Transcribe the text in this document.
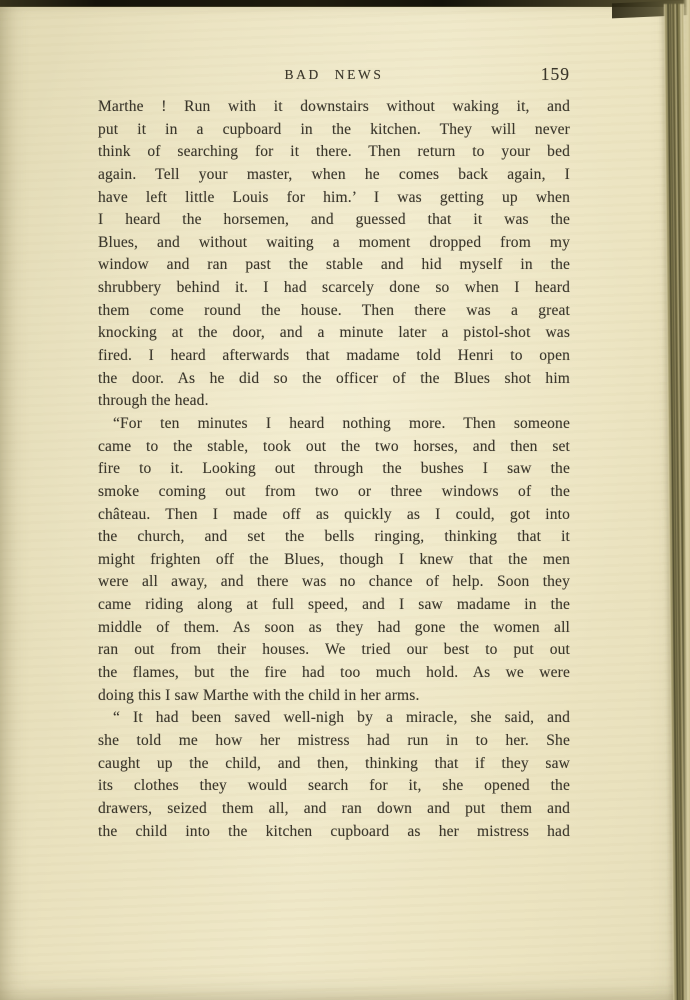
BAD NEWS	159
Marthe ! Run with it downstairs without waking it, and
put it in a cupboard in the kitchen. They will never
think of searching for it there. Then return to your bed
again. Tell your master, when he comes back again, I
have left little Louis for him.’ I was getting up when
I heard the horsemen, and guessed that it was the
Blues, and without waiting a moment dropped from my
window and ran past the stable and hid myself in the
shrubbery behind it. I had scarcely done so when I heard
them come round the house. Then there was a great
knocking at the door, and a minute later a pistol-shot was
fired. I heard afterwards that madame told Henri to open
the door. As he did so the officer of the Blues shot him
through the head.
“For ten minutes I heard nothing more. Then someone
came to the stable, took out the two horses, and then set
fire to it. Looking out through the bushes I saw the
smoke coming out from two or three windows of the
château. Then I made off as quickly as I could, got into
the church, and set the bells ringing, thinking that it
might frighten off the Blues, though I knew that the men
were all away, and there was no chance of help. Soon they
came riding along at full speed, and I saw madame in the
middle of them. As soon as they had gone the women all
ran out from their houses. We tried our best to put out
the flames, but the fire had too much hold. As we were
doing this I saw Marthe with the child in her arms.
“ It had been saved well-nigh by a miracle, she said, and
she told me how her mistress had run in to her. She
caught up the child, and then, thinking that if they saw
its clothes they would search for it, she opened the
drawers, seized them all, and ran down and put them and
the child into the kitchen cupboard as her mistress had
